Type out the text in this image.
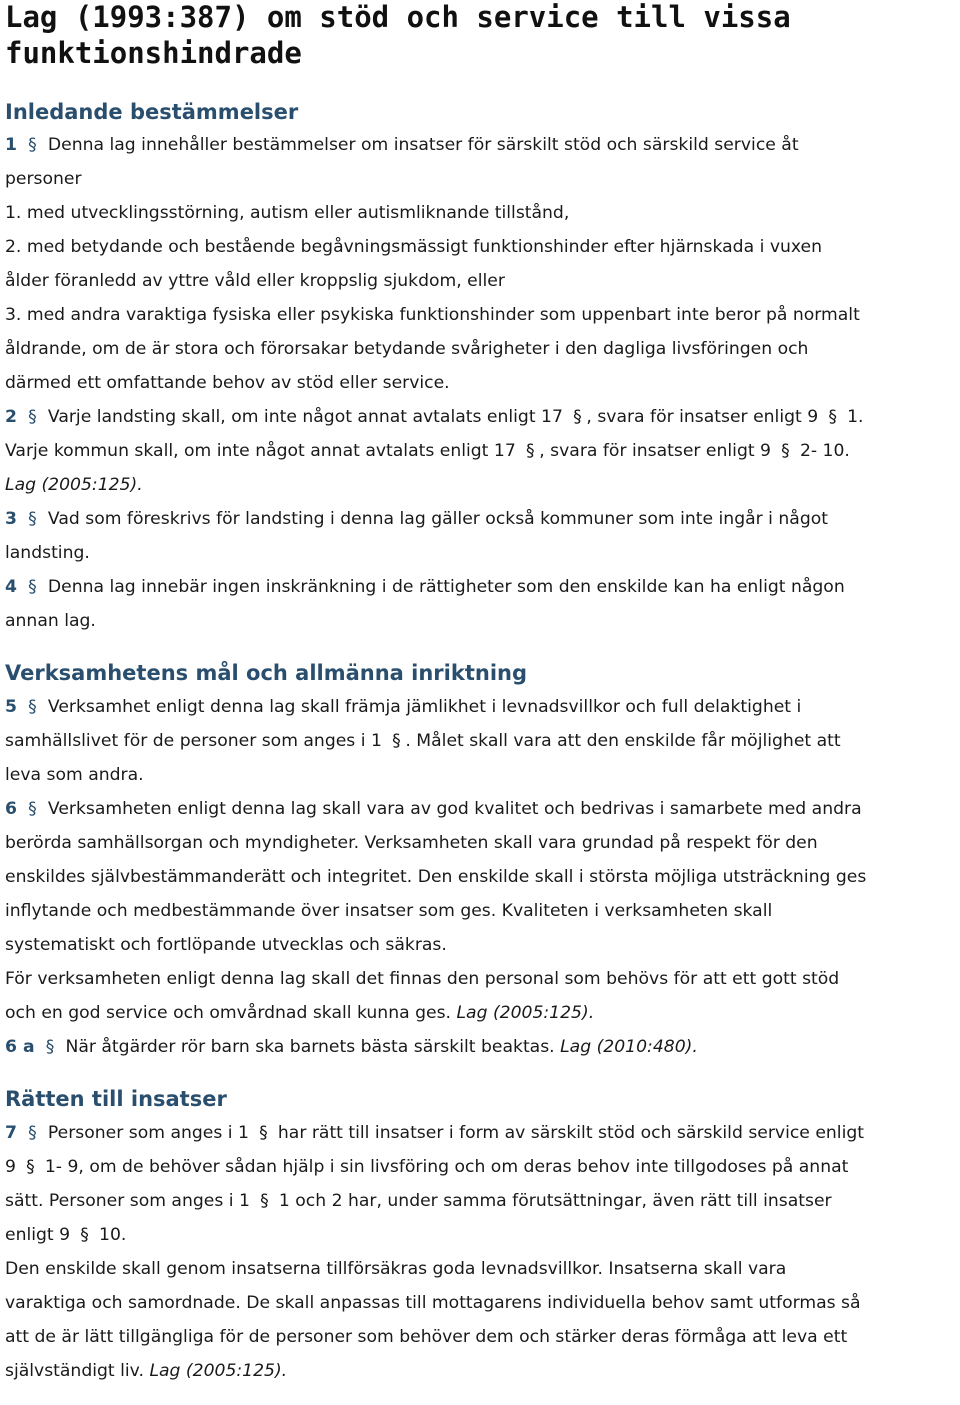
Lag (1993:387) om stöd och service till vissa
funktionshindrade
Inledande bestämmelser
1 § Denna lag innehåller bestämmelser om insatser för särskilt stöd och särskild service åt
personer
1. med utvecklingsstörning, autism eller autismliknande tillstånd,
2. med betydande och bestående begåvningsmässigt funktionshinder efter hjärnskada i vuxen
ålder föranledd av yttre våld eller kroppslig sjukdom, eller
3. med andra varaktiga fysiska eller psykiska funktionshinder som uppenbart inte beror på normalt
åldrande, om de är stora och förorsakar betydande svårigheter i den dagliga livsföringen och
därmed ett omfattande behov av stöd eller service.
2 § Varje landsting skall, om inte något annat avtalats enligt 17 § , svara för insatser enligt 9 § 1.
Varje kommun skall, om inte något annat avtalats enligt 17 § , svara för insatser enligt 9 § 2- 10.
Lag (2005:125).
3 § Vad som föreskrivs för landsting i denna lag gäller också kommuner som inte ingår i något
landsting.
4 § Denna lag innebär ingen inskränkning i de rättigheter som den enskilde kan ha enligt någon
annan lag.
Verksamhetens mål och allmänna inriktning
5 § Verksamhet enligt denna lag skall främja jämlikhet i levnadsvillkor och full delaktighet i
samhällslivet för de personer som anges i 1 § . Målet skall vara att den enskilde får möjlighet att
leva som andra.
6 § Verksamheten enligt denna lag skall vara av god kvalitet och bedrivas i samarbete med andra
berörda samhällsorgan och myndigheter. Verksamheten skall vara grundad på respekt för den
enskildes självbestämmanderätt och integritet. Den enskilde skall i största möjliga utsträckning ges
inflytande och medbestämmande över insatser som ges. Kvaliteten i verksamheten skall
systematiskt och fortlöpande utvecklas och säkras.
För verksamheten enligt denna lag skall det finnas den personal som behövs för att ett gott stöd
och en god service och omvårdnad skall kunna ges. Lag (2005:125).
6 a § När åtgärder rör barn ska barnets bästa särskilt beaktas. Lag (2010:480).
Rätten till insatser
7 § Personer som anges i 1 § har rätt till insatser i form av särskilt stöd och särskild service enligt
9 § 1- 9, om de behöver sådan hjälp i sin livsföring och om deras behov inte tillgodoses på annat
sätt. Personer som anges i 1 § 1 och 2 har, under samma förutsättningar, även rätt till insatser
enligt 9 § 10.
Den enskilde skall genom insatserna tillförsäkras goda levnadsvillkor. Insatserna skall vara
varaktiga och samordnade. De skall anpassas till mottagarens individuella behov samt utformas så
att de är lätt tillgängliga för de personer som behöver dem och stärker deras förmåga att leva ett
självständigt liv. Lag (2005:125).
